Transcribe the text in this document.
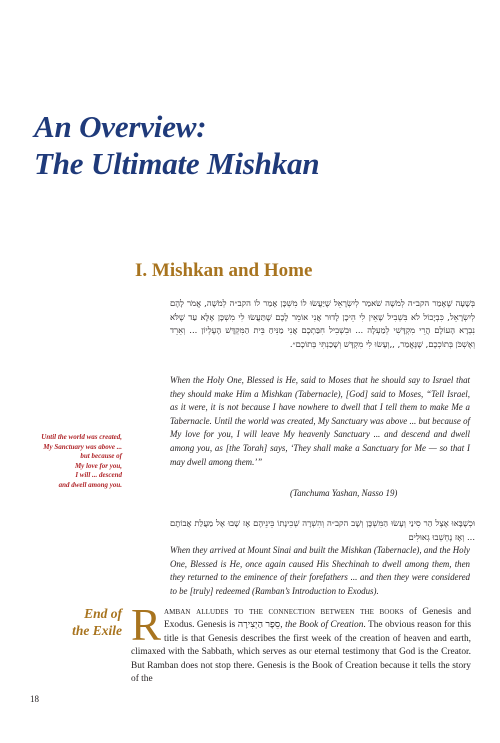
An Overview:
The Ultimate Mishkan
I. Mishkan and Home
בְּשָׁעָה שֶׁאָמַר הקב״ה לְמֹשֶׁה שֹׁאמַר לְיִשְׂרָאֵל שֶׁיַּעֲשׂוּ לוֹ מִשְׁכָּן אָמַר לוֹ הקב״ה לְמֹשֶׁה, אֱמֹר לָהֶם לְיִשְׂרָאֵל, כִּבְיָכוֹל לֹא בִּשְׁבִיל שֶׁאֵין לִי הֵיכָן לָדוּר אֲנִי אוֹמֵר לָכֶם שֶׁתַּעֲשׂוּ לִי מִשְׁכָּן אֶלָּא עַד שֶׁלֹּא נִבְרָא הָעוֹלָם הֲרֵי מִקְדָּשִׁי לְמַעְלָה ... וּבִשְׁבִיל חִבַּתְכֶם אֲנִי מַנִּיחַ בֵּית הַמִּקְדָּשׁ הָעֶלְיוֹן ... וְאֵרֵד וְאֶשְׁכֹּן בְּתוֹכְכֶם, שֶׁנֶּאֱמַר, ,,וְעָשׂוּ לִי מִקְדָּשׁ וְשָׁכַנְתִּי בְּתוֹכָם״.
When the Holy One, Blessed is He, said to Moses that he should say to Israel that they should make Him a Mishkan (Tabernacle), [God] said to Moses, “Tell Israel, as it were, it is not because I have nowhere to dwell that I tell them to make Me a Tabernacle. Until the world was created, My Sanctuary was above ... but because of My love for you, I will leave My heavenly Sanctuary ... and descend and dwell among you, as [the Torah] says, ‘They shall make a Sanctuary for Me — so that I may dwell among them.’”
(Tanchuma Yashan, Nasso 19)
Until the world was created,
My Sanctuary was above ...
but because of
My love for you,
I will ... descend
and dwell among you.
וּכְשֶׁבָּאוּ אֶצֶל הַר סִינַי וְעָשׂוּ הַמִּשְׁכָּן וְשָׁב הקב״ה וְהִשְׁרָה שְׁכִינָתוֹ בֵּינֵיהֶם אָז שָׁבוּ אֶל מַעֲלַת אֲבוֹתָם ... וְאָז נֶחְשְׁבוּ גְאוּלִים
When they arrived at Mount Sinai and built the Mishkan (Tabernacle), and the Holy One, Blessed is He, once again caused His Shechinah to dwell among them, then they returned to the eminence of their forefathers ... and then they were considered to be [truly] redeemed (Ramban’s Introduction to Exodus).
End of
the Exile Ramban alludes to the connection between the books of Genesis and Exodus. Genesis is סֵפֶר הַיְצִירָה, the Book of Creation. The obvious reason for this title is that Genesis describes the first week of the creation of heaven and earth, climaxed with the Sabbath, which serves as our eternal testimony that God is the Creator. But Ramban does not stop there. Genesis is the Book of Creation because it tells the story of the
18
